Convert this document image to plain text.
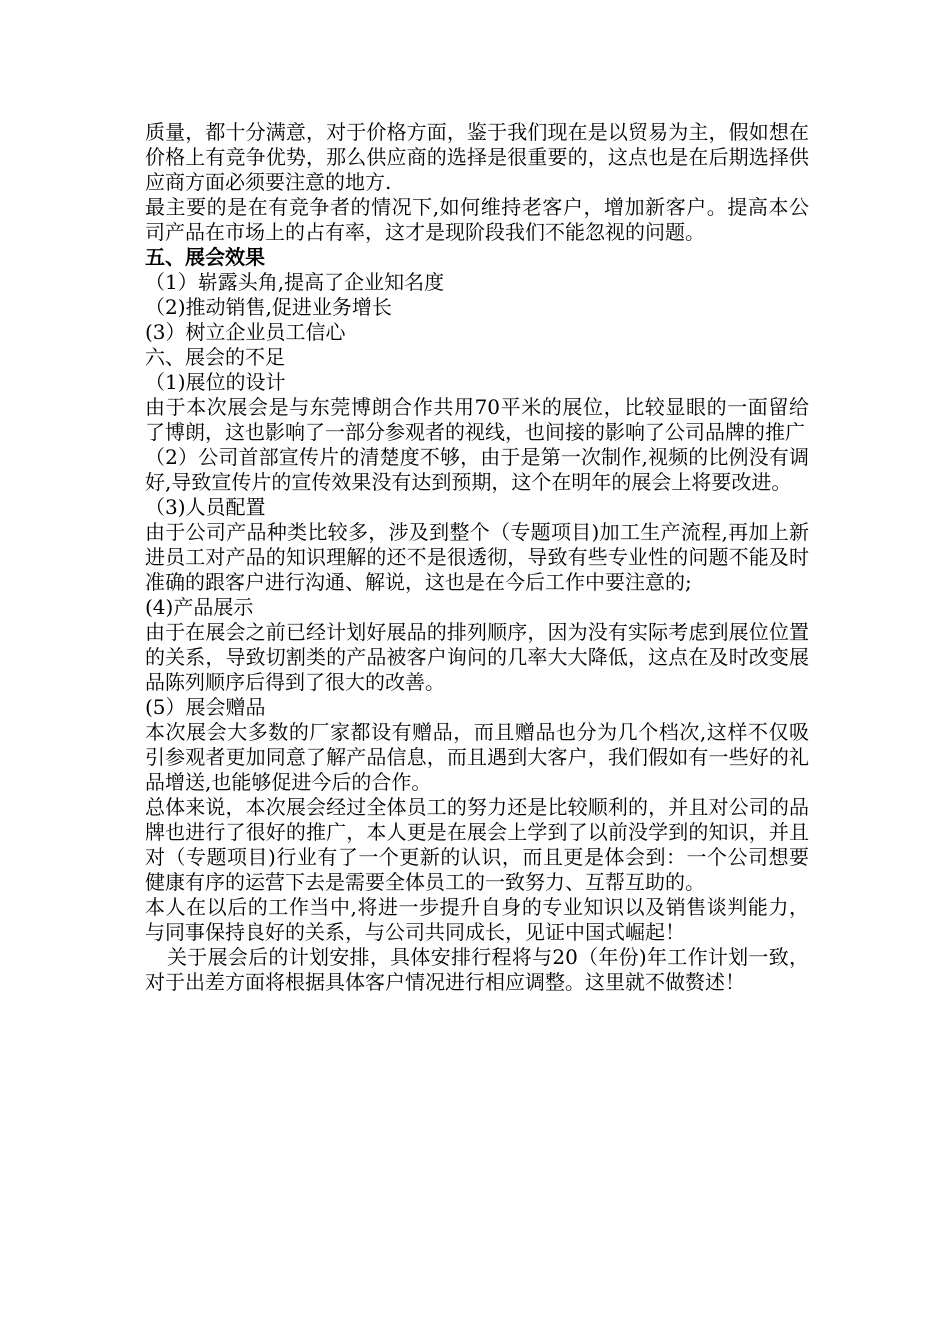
质量，都十分满意，对于价格方面，鉴于我们现在是以贸易为主，假如想在价格上有竞争优势，那么供应商的选择是很重要的，这点也是在后期选择供应商方面必须要注意的地方.

最主要的是在有竞争者的情况下,如何维持老客户，增加新客户。提高本公司产品在市场上的占有率，这才是现阶段我们不能忽视的问题。

五、展会效果

（1）崭露头角,提高了企业知名度

（2)推动销售,促进业务增长

(3）树立企业员工信心

六、展会的不足

（1)展位的设计

由于本次展会是与东莞博朗合作共用70平米的展位，比较显眼的一面留给了博朗，这也影响了一部分参观者的视线，也间接的影响了公司品牌的推广

（2）公司首部宣传片的清楚度不够，由于是第一次制作,视频的比例没有调好,导致宣传片的宣传效果没有达到预期，这个在明年的展会上将要改进。

（3)人员配置

由于公司产品种类比较多，涉及到整个（专题项目)加工生产流程,再加上新进员工对产品的知识理解的还不是很透彻，导致有些专业性的问题不能及时准确的跟客户进行沟通、解说，这也是在今后工作中要注意的;

(4)产品展示

由于在展会之前已经计划好展品的排列顺序，因为没有实际考虑到展位位置的关系，导致切割类的产品被客户询问的几率大大降低，这点在及时改变展品陈列顺序后得到了很大的改善。

(5）展会赠品

本次展会大多数的厂家都设有赠品，而且赠品也分为几个档次,这样不仅吸引参观者更加同意了解产品信息，而且遇到大客户，我们假如有一些好的礼品增送,也能够促进今后的合作。

总体来说，本次展会经过全体员工的努力还是比较顺利的，并且对公司的品牌也进行了很好的推广，本人更是在展会上学到了以前没学到的知识，并且对（专题项目)行业有了一个更新的认识，而且更是体会到：一个公司想要健康有序的运营下去是需要全体员工的一致努力、互帮互助的。

本人在以后的工作当中,将进一步提升自身的专业知识以及销售谈判能力，与同事保持良好的关系，与公司共同成长，见证中国式崛起！

关于展会后的计划安排，具体安排行程将与20（年份)年工作计划一致，对于出差方面将根据具体客户情况进行相应调整。这里就不做赘述！
